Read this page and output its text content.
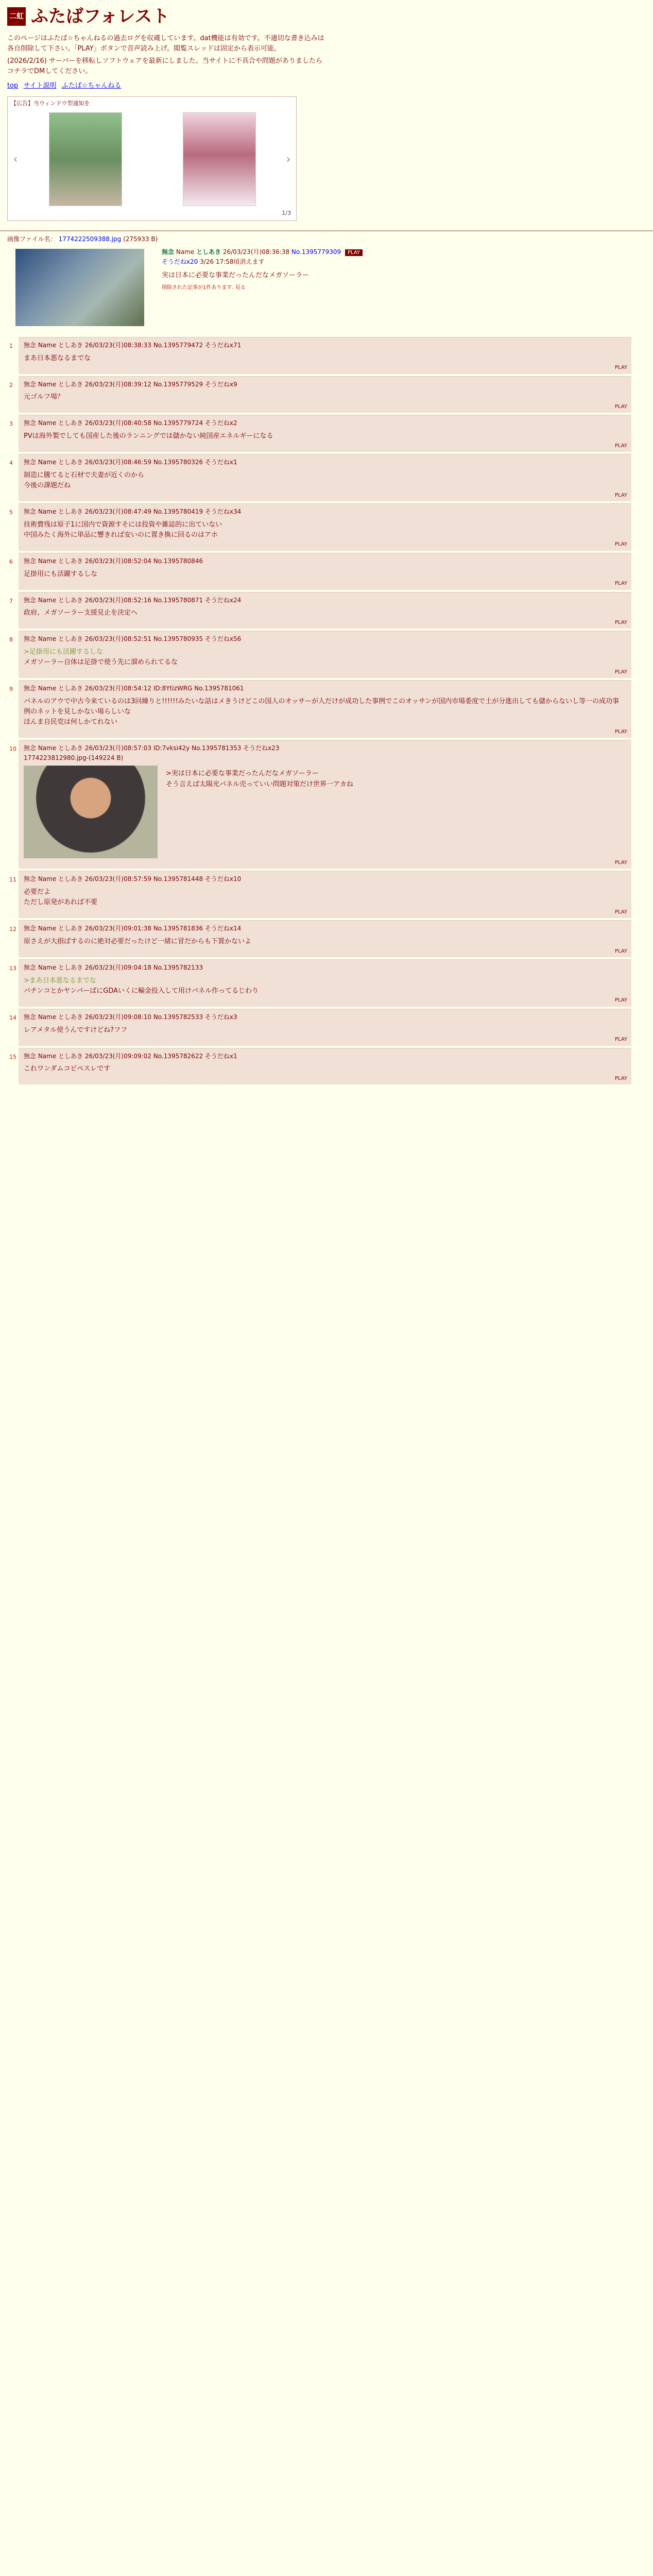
二虹 ふたばフォレスト

このページはふたば☆ちゃんねるの過去ログを収蔵しています。dat機能は有効です。不適切な書き込みは各自削除して下さい。「PLAY」ボタンで音声読み上げ。閲覧スレッドは固定から表示可能。

(2026/2/16) サーバーを移転しソフトウェアを最新にしました。当サイトに不具合や問題がありましたらコチラでDMしてください。

top サイト説明 ふたば☆ちゃんねる
【広告】当ウィンドウ型通知を
‹	›
1/3
画像ファイル名： 1774222509388.jpg (275933 B)
無念 Name としあき 26/03/23(月)08:36:38 No.1395779309 PLAY
そうだねx20 3/26 17:58頃消えます
実は日本に必要な事業だったんだなメガソーラー
削除された記事が1件あります. 見る
1 無念 Name としあき 26/03/23(月)08:38:33 No.1395779472 そうだねx71
まあ日本悪なるまでな
PLAY
2 無念 Name としあき 26/03/23(月)08:39:12 No.1395779529 そうだねx9
元ゴルフ場？
PLAY
3 無念 Name としあき 26/03/23(月)08:40:58 No.1395779724 そうだねx2
PVは海外製でしても国産した後のランニングでは儲かない純国産エネルギーになる
PLAY
4 無念 Name としあき 26/03/23(月)08:46:59 No.1395780326 そうだねx1
制造に騰てると石材で夫妻が近くのから
今後の課題だね
PLAY
5 無念 Name としあき 26/03/23(月)08:47:49 No.1395780419 そうだねx34
技術費残は原子1に国内で資源すそには投資や雑誌的に出ていない
中国みたく海外に単品に響きれば安いのに置き換に回るのはアホ
PLAY
6 無念 Name としあき 26/03/23(月)08:52:04 No.1395780846
足掛用にも活躍するしな
PLAY
7 無念 Name としあき 26/03/23(月)08:52:16 No.1395780871 そうだねx24
政府、メガソーラー支援見止を決定へ
PLAY
8 無念 Name としあき 26/03/23(月)08:52:51 No.1395780935 そうだねx56
>足掛用にも活躍するしな
メガソーラー自体は足掛で使う先に溜められてるな
PLAY
9 無念 Name としあき 26/03/23(月)08:54:12 ID:8YtizWRG No.1395781061
バネルのアウで中古今来ているのは3回繰りと!!!!!!みたいな話はメきうけどこの国人のオッサーが人だけが成功した事例でこのオッサンが国内市場委度で土が分進出しても儲からないし等一の成功事例のネットを見しかない場らしいな
ほんま自民党は何しかてれない
PLAY
10 無念 Name としあき 26/03/23(月)08:57:03 ID:7vksi42y No.1395781353 そうだねx23
1774223812980.jpg-(149224 B)
>実は日本に必要な事業だったんだなメガソーラー
そう言えば太陽光パネル売っていい問題対策だけ世界一アカね
PLAY
11 無念 Name としあき 26/03/23(月)08:57:59 No.1395781448 そうだねx10
必要だよ
ただし原発があれば不要
PLAY
12 無念 Name としあき 26/03/23(月)09:01:38 No.1395781836 そうだねx14
原さえが大損ばするのに絶対必要だったけど一緒に冒だからも下置かないよ
PLAY
13 無念 Name としあき 26/03/23(月)09:04:18 No.1395782133
>まあ日本悪なるまでな
パチンコとかヤンバーばにGDAいくに輸金投入して用けバネル作ってるじわり
PLAY
14 無念 Name としあき 26/03/23(月)09:08:10 No.1395782533 そうだねx3
レアメタル使うんですけどね?フフ
PLAY
15 無念 Name としあき 26/03/23(月)09:09:02 No.1395782622 そうだねx1
これワンダムコピペスレです
PLAY
